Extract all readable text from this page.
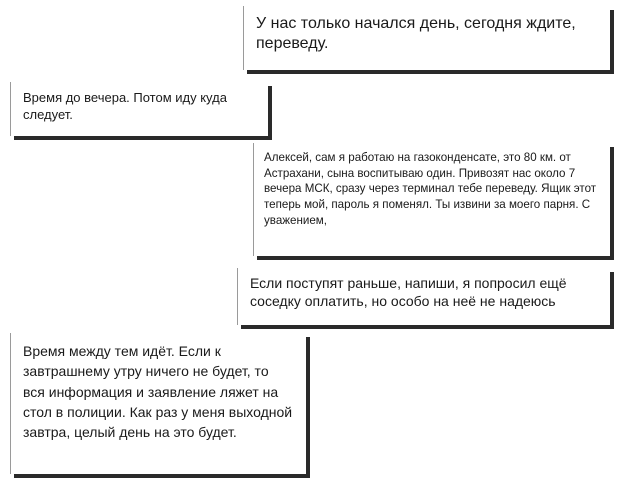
У нас только начался день, сегодня ждите, переведу.
Время до вечера. Потом иду куда следует.
Алексей, сам я работаю на газоконденсате, это 80 км. от Астрахани, сына воспитываю один. Привозят нас около 7 вечера МСК, сразу через терминал тебе переведу. Ящик этот теперь мой, пароль я поменял. Ты извини за моего парня. С уважением,
Если поступят раньше, напиши, я попросил ещё соседку оплатить, но особо на неё не надеюсь
Время между тем идёт. Если к завтрашнему утру ничего не будет, то вся информация и заявление ляжет на стол в полиции. Как раз у меня выходной завтра, целый день на это будет.
